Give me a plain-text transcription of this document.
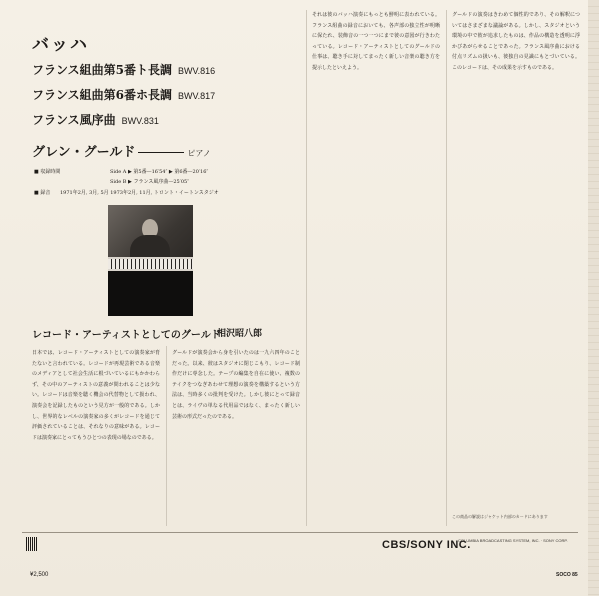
バッハ
フランス組曲第5番ト長調 BWV.816
フランス組曲第6番ホ長調 BWV.817
フランス風序曲 BWV.831
グレン・グールド	ピアノ
■ 収録時間	Side A ▶ 第5番—16′54″ ▶ 第6番—20′16″
Side B ▶ フランス風序曲—25′05″
■ 録音 1971年2月, 3月, 5月 1973年2月, 11月, トロント・イートンスタジオ
レコード・アーティストとしてのグールド
相沢昭八郎
日本では、レコード・アーティストとしての演奏家が育たないと言われている。レコードが再現芸術である音楽のメディアとして社会生活に根づいているにもかかわらず、その中のアーティストの意義が問われることは少ない。レコードは音楽を聴く機会の代替物として扱われ、演奏会を記録したものという見方が一般的である。しかし、世界的なレベルの演奏家の多くがレコードを通じて評価されていることは、それなりの意味がある。レコードは演奏家にとってもうひとつの表現の場なのである。
グールドが演奏会から身を引いたのは一九六四年のことだった。以来、彼はスタジオに閉じこもり、レコード制作だけに専念した。テープの編集を自在に使い、複数のテイクをつなぎあわせて理想の演奏を構築するという方法は、当時多くの批判を受けた。しかし彼にとって録音とは、ライヴの単なる代用品ではなく、まったく新しい芸術の形式だったのである。
それは彼のバッハ演奏にもっとも鮮明に表われている。フランス組曲の録音においても、各声部の独立性が明晰に保たれ、装飾音の一つ一つにまで彼の意図が行きわたっている。レコード・アーティストとしてのグールドの仕事は、聴き手に対してまったく新しい音楽の聴き方を提示したといえよう。
グールドの演奏はきわめて個性的であり、その解釈についてはさまざまな議論がある。しかし、スタジオという環境の中で彼が追求したものは、作品の構造を透明に浮かびあがらせることであった。フランス風序曲における付点リズムの扱いも、彼独自の見識にもとづいている。このレコードは、その成果を示すものである。
この商品の解説はジャケット内部のカードにあります
¥2,500
CBS/SONY INC.
COLUMBIA BROADCASTING SYSTEM, INC. · SONY CORP.
SOCO 85
